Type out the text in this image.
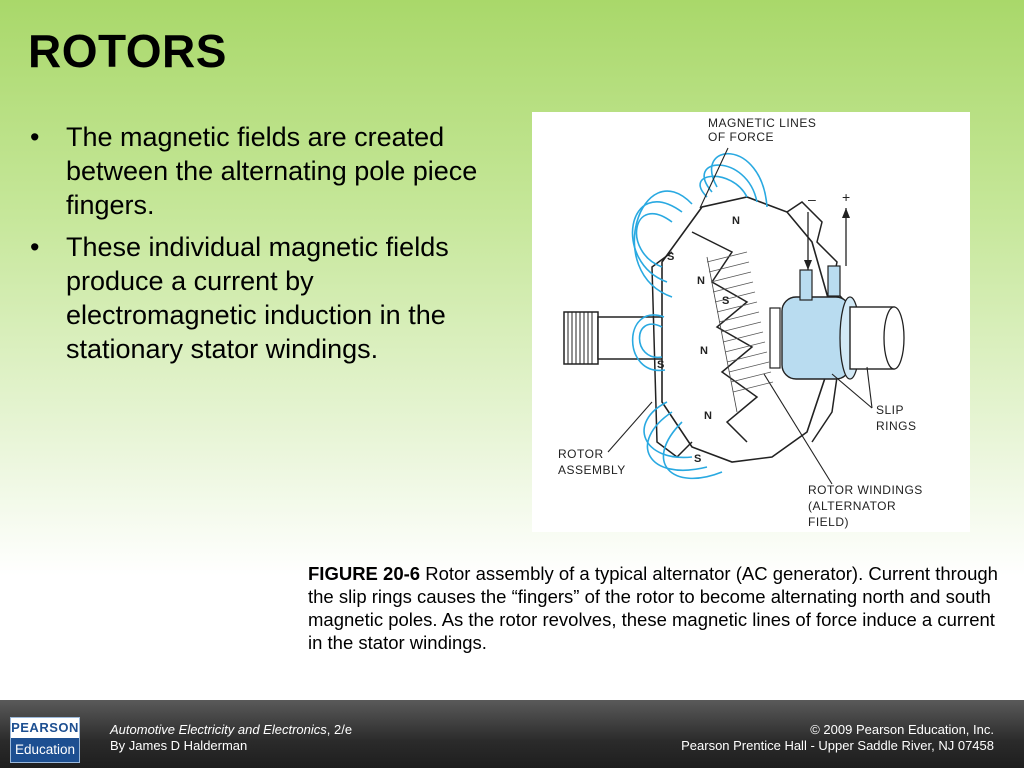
ROTORS
• The magnetic fields are created between the alternating pole piece fingers.
• These individual magnetic fields produce a current by electromagnetic induction in the stationary stator windings.
N
S
N
S
N
S
N
S
MAGNETIC LINES
OF FORCE
– +
SLIP
RINGS
ROTOR
ASSEMBLY
ROTOR WINDINGS
(ALTERNATOR
FIELD)
FIGURE 20-6 Rotor assembly of a typical alternator (AC generator). Current through the slip rings causes the “fingers” of the rotor to become alternating north and south magnetic poles. As the rotor revolves, these magnetic lines of force induce a current in the stator windings.
PEARSON
Education
Automotive Electricity and Electronics, 2/e
By James D Halderman
© 2009 Pearson Education, Inc.
Pearson Prentice Hall - Upper Saddle River, NJ 07458
